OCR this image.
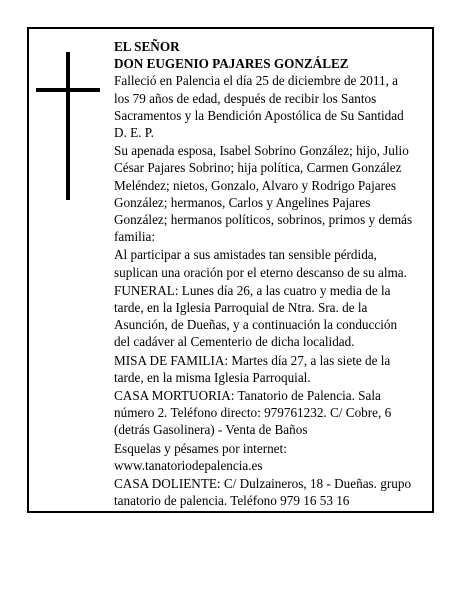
EL SEÑOR
DON EUGENIO PAJARES GONZÁLEZ

Falleció en Palencia el día 25 de diciembre de 2011, a los 79 años de edad, después de recibir los Santos Sacramentos y la Bendición Apostólica de Su Santidad D. E. P.

Su apenada esposa, Isabel Sobrino González; hijo, Julio César Pajares Sobrino; hija política, Carmen González Meléndez; nietos, Gonzalo, Alvaro y Rodrigo Pajares González; hermanos, Carlos y Angelines Pajares González; hermanos políticos, sobrinos, primos y demás familia:

Al participar a sus amistades tan sensible pérdida, suplican una oración por el eterno descanso de su alma.

FUNERAL: Lunes día 26, a las cuatro y media de la tarde, en la Iglesia Parroquial de Ntra. Sra. de la Asunción, de Dueñas, y a continuación la conducción del cadáver al Cementerio de dicha localidad.

MISA DE FAMILIA: Martes día 27, a las siete de la tarde, en la misma Iglesia Parroquial.

CASA MORTUORIA: Tanatorio de Palencia. Sala número 2. Teléfono directo: 979761232. C/ Cobre, 6 (detrás Gasolinera) - Venta de Baños

Esquelas y pésames por internet: www.tanatoriodepalencia.es

CASA DOLIENTE: C/ Dulzaineros, 18 - Dueñas. grupo tanatorio de palencia. Teléfono 979 16 53 16
